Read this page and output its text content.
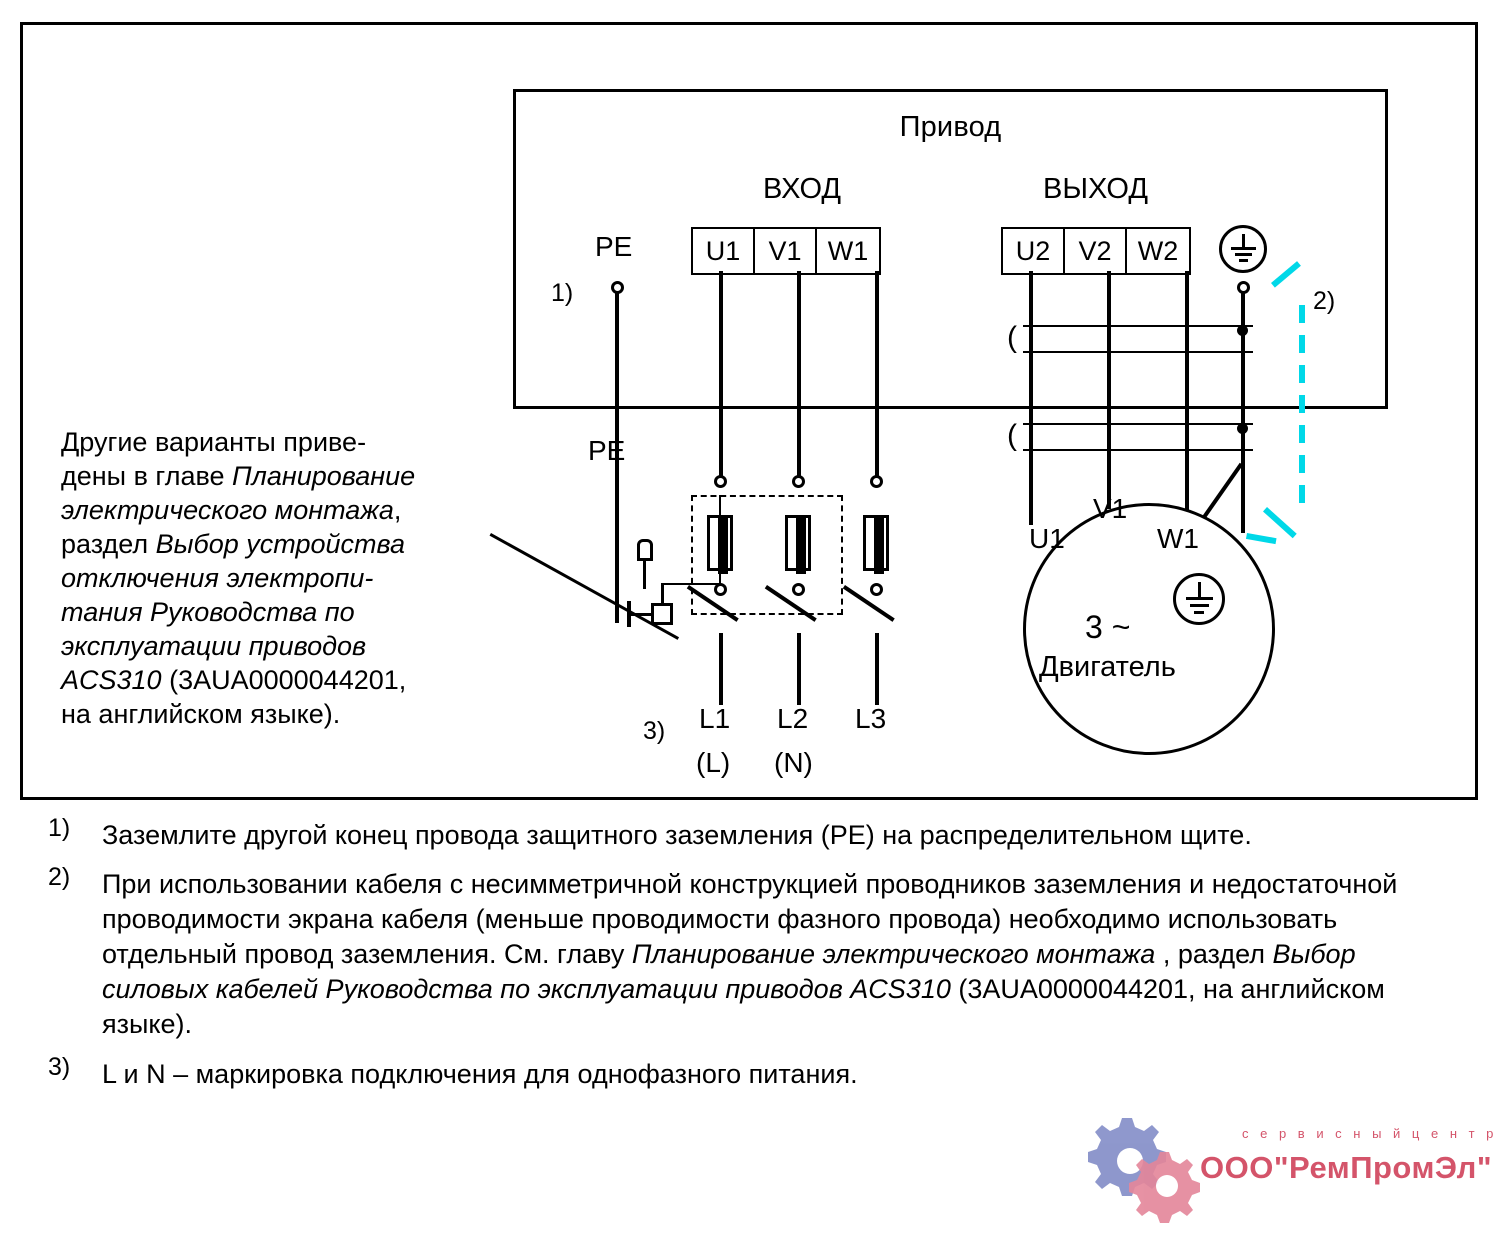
Привод
ВХОД	ВЫХОД
PE	U1	V1 W1	U2	V2 W2
1)	2)
PE
3) L1 L2 L3
(L) (N)
(
(
U1
V1
W1
3 ~
Двигатель
Другие варианты приве-
дены в главе Планирование
электрического монтажа,
раздел Выбор устройства
отключения электропи-
тания Руководства по
эксплуатации приводов
ACS310 (3AUA0000044201,
на английском языке).
1) Заземлите другой конец провода защитного заземления (PE) на распределительном щите.
2) При использовании кабеля с несимметричной конструкцией проводников заземления и недостаточной проводимости экрана кабеля (меньше проводимости фазного провода) необходимо использовать отдельный провод заземления. См. главу Планирование электрического монтажа , раздел Выбор силовых кабелей Руководства по эксплуатации приводов ACS310 (3AUA0000044201, на английском языке).
3) L и N – маркировка подключения для однофазного питания.
с е р в и с н ы й ц е н т р
ООО"РемПромЭл"
